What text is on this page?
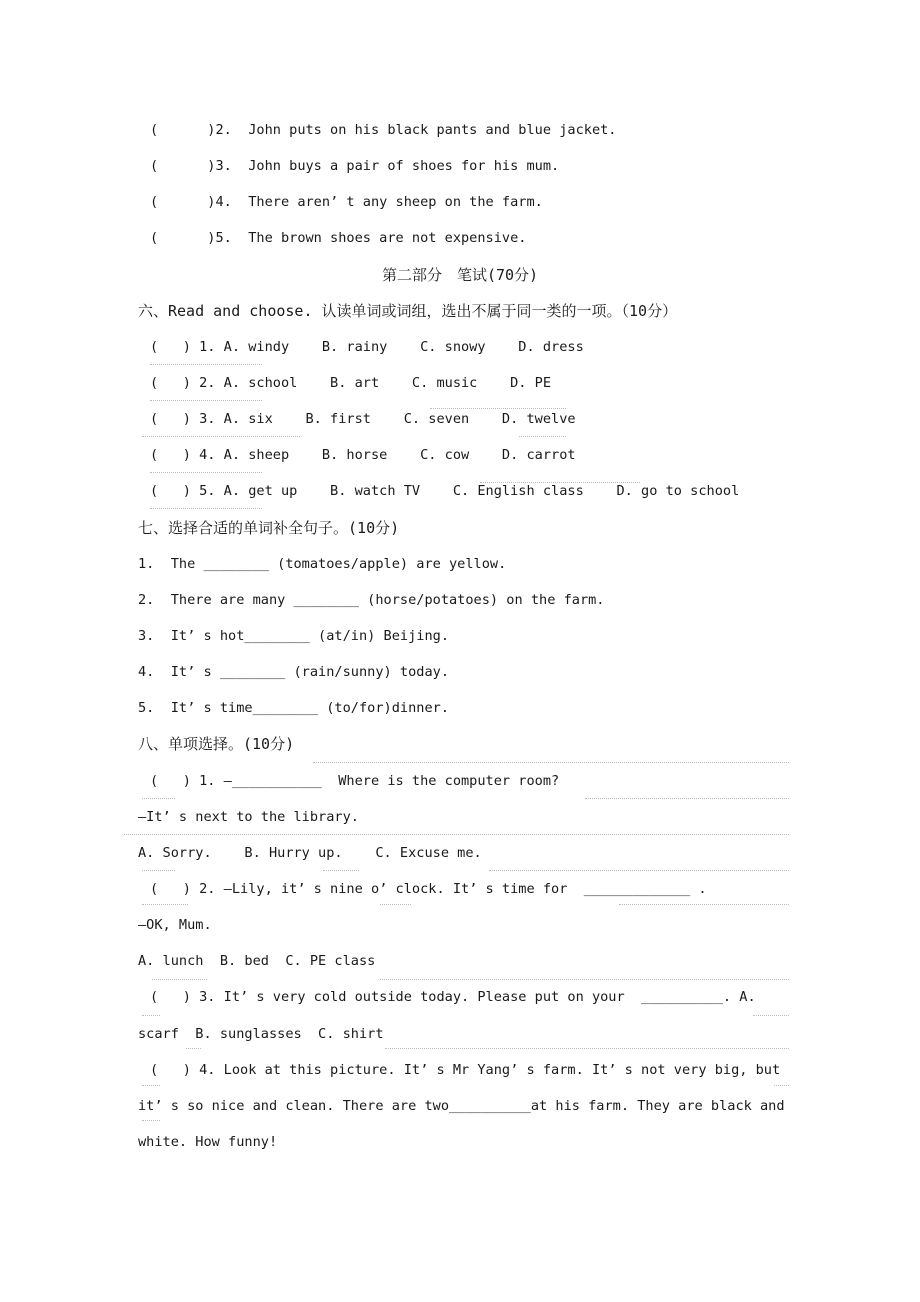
(      )2.  John puts on his black pants and blue jacket.
(      )3.  John buys a pair of shoes for his mum.
(      )4.  There aren’ t any sheep on the farm.
(      )5.  The brown shoes are not expensive.
第二部分　笔试(70分)
六、Read and choose. 认读单词或词组，选出不属于同一类的一项。（10分）
(   ) 1. A. windy    B. rainy    C. snowy    D. dress
(   ) 2. A. school    B. art    C. music    D. PE
(   ) 3. A. six    B. first    C. seven    D. twelve
(   ) 4. A. sheep    B. horse    C. cow    D. carrot
(   ) 5. A. get up    B. watch TV    C. English class    D. go to school
七、选择合适的单词补全句子。(10分)
1.  The ________ (tomatoes/apple) are yellow.
2.  There are many ________ (horse/potatoes) on the farm.
3.  It’ s hot________ (at/in) Beijing.
4.  It’ s ________ (rain/sunny) today.
5.  It’ s time________ (to/for)dinner.
八、单项选择。(10分)
(   ) 1. —___________  Where is the computer room?
—It’ s next to the library.
A. Sorry.    B. Hurry up.    C. Excuse me.
(   ) 2. —Lily, it’ s nine o’ clock. It’ s time for  _____________ .
—OK, Mum.
A. lunch  B. bed  C. PE class
(   ) 3. It’ s very cold outside today. Please put on your  __________. A.
scarf  B. sunglasses  C. shirt
(   ) 4. Look at this picture. It’ s Mr Yang’ s farm. It’ s not very big, but
it’ s so nice and clean. There are two__________at his farm. They are black and
white. How funny!
